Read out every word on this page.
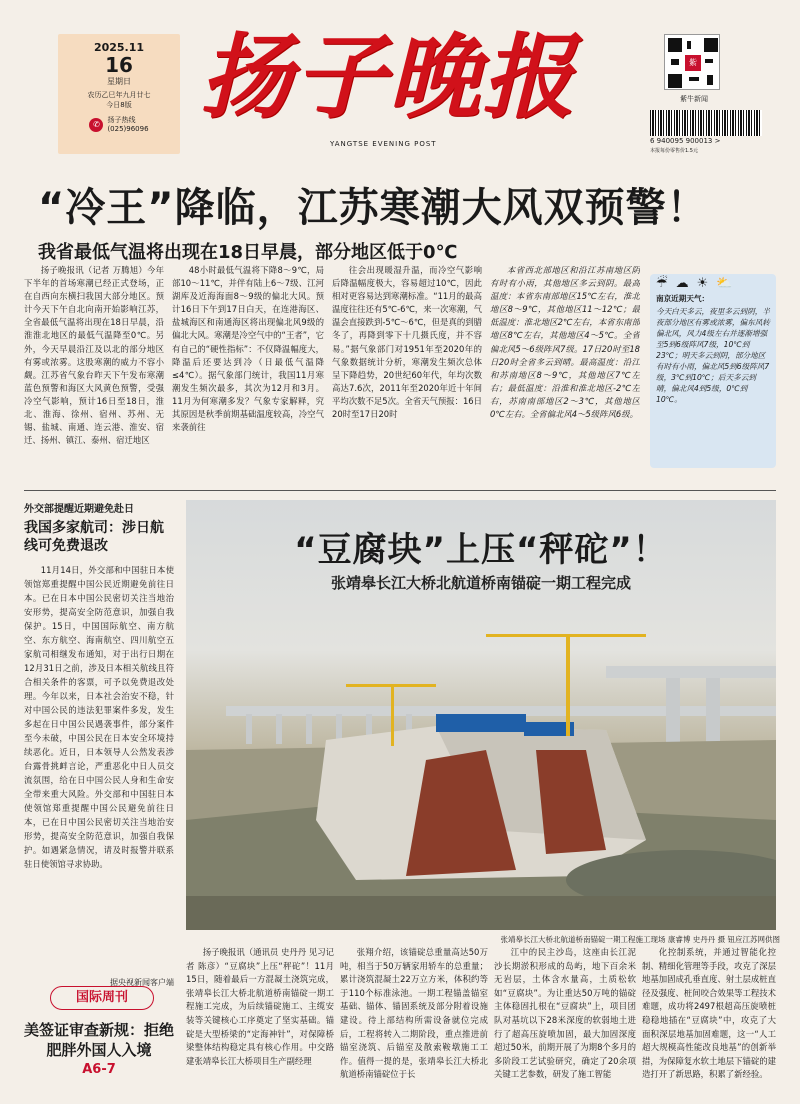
2025.11
16
星期日
农历乙巳年九月廿七
今日8版
✆	扬子热线
(025)96096 扬子晚报
YANGTSE EVENING POST
紫
紫牛新闻
6 940095 900013 >
本报每份零售价1.5元
“冷王”降临，江苏寒潮大风双预警！
我省最低气温将出现在18日早晨，部分地区低于0℃

扬子晚报讯（记者 万腾旭）今年下半年的首场寒潮已经正式登场，正在自西向东横扫我国大部分地区。预计今天下午自北向南开始影响江苏，全省最低气温将出现在18日早晨，沿淮淮北地区的最低气温降至0℃。另外，今天早晨沿江及以北的部分地区有雾或浓雾。这股寒潮的威力不容小觑。江苏省气象台昨天下午发布寒潮蓝色预警和海区大风黄色预警，受强冷空气影响，预计16日至18日，淮北、淮海、徐州、宿州、苏州、无锡、盐城、南通、连云港、淮安、宿迁、扬州、镇江、泰州、宿迁地区

48小时最低气温将下降8～9℃，局部10～11℃，并伴有陆上6～7级、江河湖库及近海海面8～9级的偏北大风。预计16日下午到17日白天，在连港海区、盐城海区和南通海区将出现偏北风9级的偏北大风。寒潮是冷空气中的“王者”，它有自己的“硬性指标”：不仅降温幅度大，降温后还要达到冷（日最低气温降≤4℃）。据气象部门统计，我国11月寒潮发生频次最多，其次为12月和3月。11月为何寒潮多发？气象专家解释，究其原因是秋季前期基础温度较高，冷空气来袭前往

往会出现暖湿升温，而冷空气影响后降温幅度极大，容易超过10℃，因此相对更容易达到寒潮标准。“11月的最高温度往往还有5℃-6℃，来一次寒潮，气温会直接跌到-5℃～6℃，但是真的到腊冬了，再降到零下十几摄氏度，并不容易。”据气象部门对1951年至2020年的气象数据统计分析，寒潮发生频次总体呈下降趋势，20世纪60年代，年均次数高达7.6次，2011年至2020年近十年间平均次数不足5次。全省天气预报：16日20时至17日20时

本省西北部地区和沿江苏南地区阴有时有小雨，其他地区多云到阴。最高温度：本省东南部地区15℃左右，淮北地区8～9℃，其他地区11～12℃；最低温度：淮北地区2℃左右，本省东南部地区8℃左右，其他地区4～5℃。全省偏北风5～6级阵风7级。17日20时至18日20时全省多云到晴。最高温度：沿江和苏南地区8～9℃，其他地区7℃左右；最低温度：沿淮和淮北地区-2℃左右，苏南南部地区2～3℃，其他地区0℃左右。全省偏北风4～5级阵风6级。

☔ ☁ ☀ ⛅
南京近期天气：

今天白天多云，夜里多云到阴，半夜部分地区有雾或浓雾，偏东风转偏北风，风力4级左右并逐渐增强至5到6级阵风7级，10℃到23℃；明天多云到阴，部分地区有时有小雨，偏北风5到6级阵风7级，3℃到10℃；后天多云到晴，偏北风4到5级，0℃到10℃。

外交部提醒近期避免赴日
我国多家航司：涉日航线可免费退改

11月14日，外交部和中国驻日本使领馆郑重提醒中国公民近期避免前往日本。已在日本中国公民密切关注当地治安形势，提高安全防范意识，加强自我保护。15日，中国国际航空、南方航空、东方航空、海南航空、四川航空五家航司相继发布通知，对于出行日期在12月31日之前，涉及日本相关航线且符合相关条件的客票，可予以免费退改处理。今年以来，日本社会治安不稳，针对中国公民的违法犯罪案件多发，发生多起在日中国公民遇袭事件，部分案件至今未破，中国公民在日本安全环境持续恶化。近日，日本领导人公然发表涉台露骨挑衅言论，严重恶化中日人员交流氛围，给在日中国公民人身和生命安全带来重大风险。外交部和中国驻日本使领馆郑重提醒中国公民避免前往日本，已在日中国公民密切关注当地治安形势，提高安全防范意识，加强自我保护。如遇紧急情况，请及时报警并联系驻日使领馆寻求协助。

据央视新闻客户端
国际周刊
美签证审查新规：拒绝肥胖外国人入境
A6-7
“豆腐块”上压“秤砣”！
张靖皋长江大桥北航道桥南锚碇一期工程完成
张靖皋长江大桥北航道桥南锚碇一期工程施工现场 康睿博 史丹丹 摄 钮应江苏网供图

扬子晚报讯（通讯员 史丹丹 见习记者 陈彦）“豆腐块”上压“秤砣”！11月15日，随着最后一方混凝土浇筑完成，张靖皋长江大桥北航道桥南锚碇一期工程施工完成，为后续锚碇施工、主缆安装等关键核心工序奠定了坚实基础。锚碇是大型桥梁的“定海神针”，对保障桥梁整体结构稳定具有核心作用。中交路建张靖皋长江大桥项目生产副经理

张翔介绍，该锚碇总重量高达50万吨，相当于50万辆家用轿车的总重量；累计浇筑混凝土22万立方米，体积约等于110个标准泳池。一期工程锚盖锚室基础、锚体、锚固系统及部分附着设施建设。待上部结构所需设备就位完成后，工程将转入二期阶段，重点推进前锚室浇筑、后锚室及散索鞍墩施工工作。值得一提的是，张靖皋长江大桥北航道桥南锚碇位于长

江中的民主沙岛，这座由长江泥沙长期淤积形成的岛屿，地下百余米无岩层，土体含水量高，土质松软如“豆腐块”。为让重达50万吨的锚碇主体稳固扎根在“豆腐块”上，项目团队对基坑以下28米深度的软弱地土进行了超高压旋喷加固，最大加固深度超过50米，前期开展了为期8个多月的多阶段工艺试验研究，确定了20余项关键工艺参数，研发了施工智能

化控制系统，并通过智能化控制、精细化管理等手段，攻克了深层地基加固成孔垂直度、射土层成桩直径及强度、桩间咬合效果等工程技术难题，成功将2497根超高压旋喷桩稳稳地插在“豆腐块”中，攻克了大面积深层地基加固难题，这一“人工超大规模高性能改良地基”的创新举措，为保障复水软土地层下锚碇的建造打开了新思路，积累了新经验。
